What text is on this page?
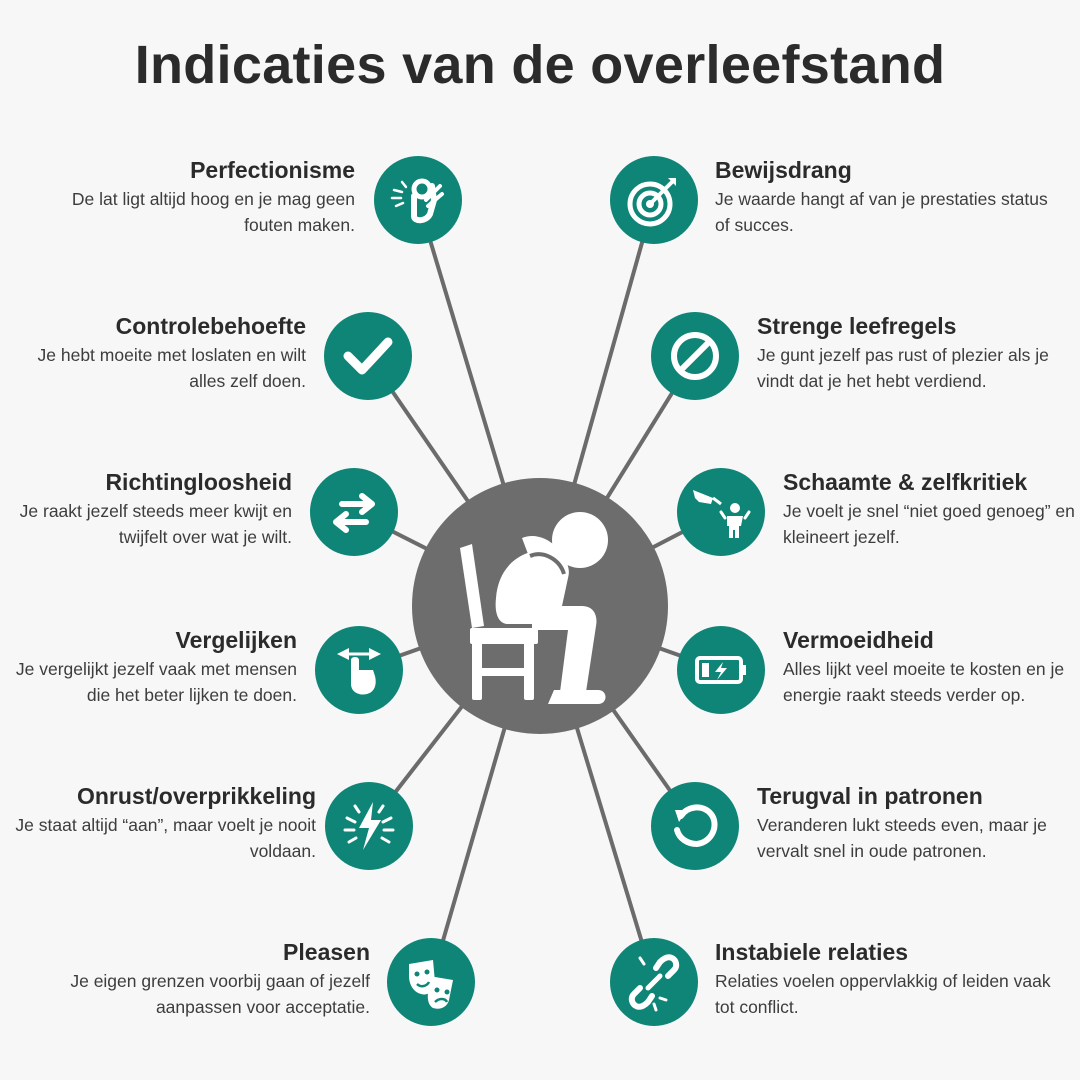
Indicaties van de overleefstand
Perfectionisme
De lat ligt altijd hoog en je mag geen fouten maken.
Controlebehoefte
Je hebt moeite met loslaten en wilt alles zelf doen.
Richtingloosheid
Je raakt jezelf steeds meer kwijt en twijfelt over wat je wilt.
Vergelijken
Je vergelijkt jezelf vaak met mensen die het beter lijken te doen.
Onrust/overprikkeling
Je staat altijd “aan”, maar voelt je nooit voldaan.
Pleasen
Je eigen grenzen voorbij gaan of jezelf aanpassen voor acceptatie.
Bewijsdrang
Je waarde hangt af van je prestaties status of succes.
Strenge leefregels
Je gunt jezelf pas rust of plezier als je vindt dat je het hebt verdiend.
Schaamte & zelfkritiek
Je voelt je snel “niet goed genoeg” en kleineert jezelf.
Vermoeidheid
Alles lijkt veel moeite te kosten en je energie raakt steeds verder op.
Terugval in patronen
Veranderen lukt steeds even, maar je vervalt snel in oude patronen.
Instabiele relaties
Relaties voelen oppervlakkig of leiden vaak tot conflict.
